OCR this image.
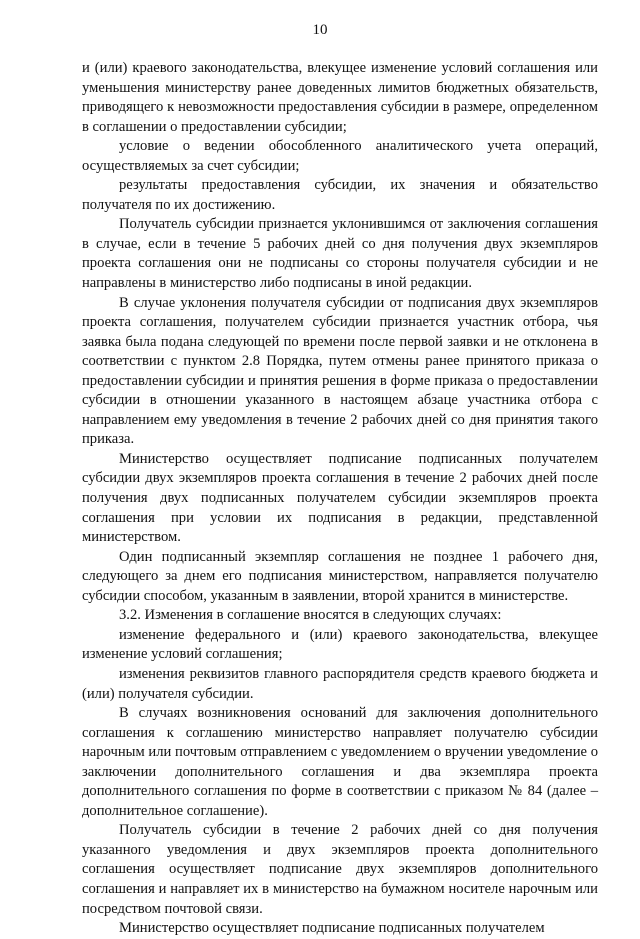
10

и (или) краевого законодательства, влекущее изменение условий соглашения или уменьшения министерству ранее доведенных лимитов бюджетных обязательств, приводящего к невозможности предоставления субсидии в размере, определенном в соглашении о предоставлении субсидии;

условие о ведении обособленного аналитического учета операций, осуществляемых за счет субсидии;

результаты предоставления субсидии, их значения и обязательство получателя по их достижению.

Получатель субсидии признается уклонившимся от заключения соглашения в случае, если в течение 5 рабочих дней со дня получения двух экземпляров проекта соглашения они не подписаны со стороны получателя субсидии и не направлены в министерство либо подписаны в иной редакции.

В случае уклонения получателя субсидии от подписания двух экземпляров проекта соглашения, получателем субсидии признается участник отбора, чья заявка была подана следующей по времени после первой заявки и не отклонена в соответствии с пунктом 2.8 Порядка, путем отмены ранее принятого приказа о предоставлении субсидии и принятия решения в форме приказа о предоставлении субсидии в отношении указанного в настоящем абзаце участника отбора с направлением ему уведомления в течение 2 рабочих дней со дня принятия такого приказа.

Министерство осуществляет подписание подписанных получателем субсидии двух экземпляров проекта соглашения в течение 2 рабочих дней после получения двух подписанных получателем субсидии экземпляров проекта соглашения при условии их подписания в редакции, представленной министерством.

Один подписанный экземпляр соглашения не позднее 1 рабочего дня, следующего за днем его подписания министерством, направляется получателю субсидии способом, указанным в заявлении, второй хранится в министерстве.

3.2. Изменения в соглашение вносятся в следующих случаях:

изменение федерального и (или) краевого законодательства, влекущее изменение условий соглашения;

изменения реквизитов главного распорядителя средств краевого бюджета и (или) получателя субсидии.

В случаях возникновения оснований для заключения дополнительного соглашения к соглашению министерство направляет получателю субсидии нарочным или почтовым отправлением с уведомлением о вручении уведомление о заключении дополнительного соглашения и два экземпляра проекта дополнительного соглашения по форме в соответствии с приказом № 84 (далее – дополнительное соглашение).

Получатель субсидии в течение 2 рабочих дней со дня получения указанного уведомления и двух экземпляров проекта дополнительного соглашения осуществляет подписание двух экземпляров дополнительного соглашения и направляет их в министерство на бумажном носителе нарочным или посредством почтовой связи.

Министерство осуществляет подписание подписанных получателем
